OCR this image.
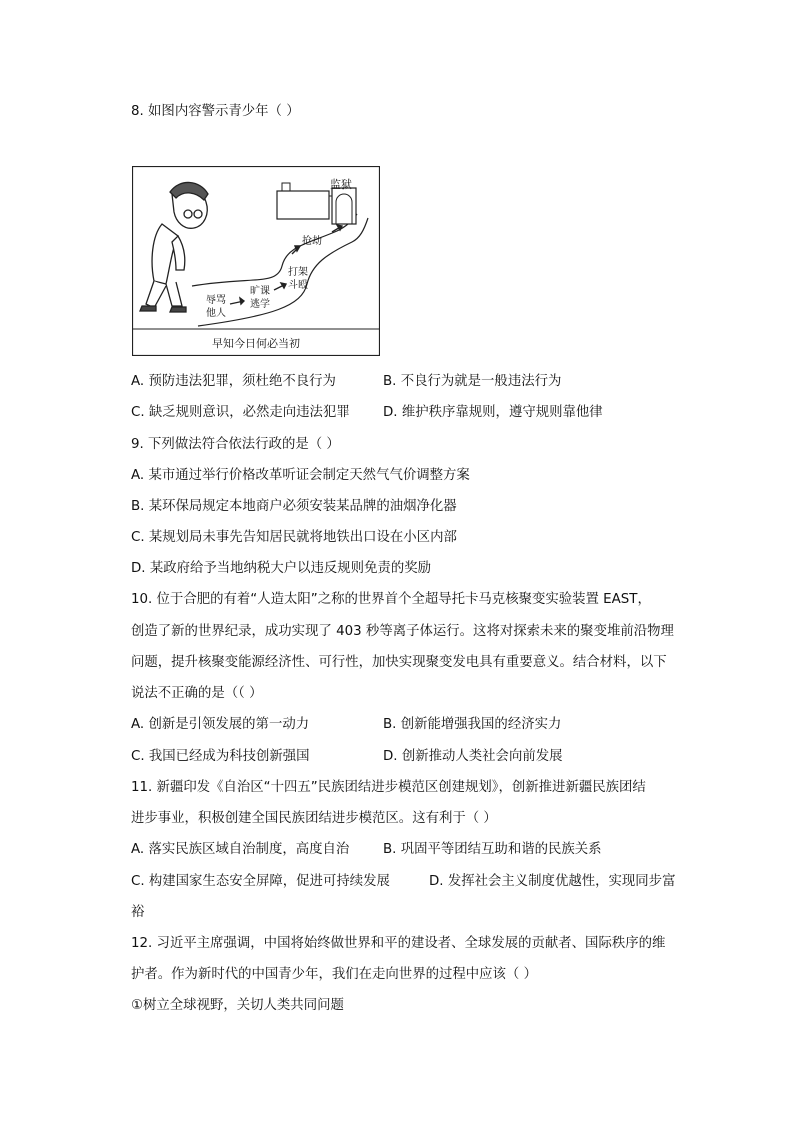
8. 如图内容警示青少年（ ）
监狱
辱骂
他人
旷课
逃学
打架
斗殴
抢劫
早知今日何必当初
A. 预防违法犯罪，须杜绝不良行为	B. 不良行为就是一般违法行为
C. 缺乏规则意识，必然走向违法犯罪 D. 维护秩序靠规则，遵守规则靠他律
9. 下列做法符合依法行政的是（ ）
A. 某市通过举行价格改革听证会制定天然气气价调整方案
B. 某环保局规定本地商户必须安装某品牌的油烟净化器
C. 某规划局未事先告知居民就将地铁出口设在小区内部
D. 某政府给予当地纳税大户以违反规则免责的奖励
10. 位于合肥的有着“人造太阳”之称的世界首个全超导托卡马克核聚变实验装置 EAST，
创造了新的世界纪录，成功实现了 403 秒等离子体运行。这将对探索未来的聚变堆前沿物理
问题，提升核聚变能源经济性、可行性，加快实现聚变发电具有重要意义。结合材料，以下
说法不正确的是（（ ）
A. 创新是引领发展的第一动力	B. 创新能增强我国的经济实力
C. 我国已经成为科技创新强国	D. 创新推动人类社会向前发展
11. 新疆印发《自治区“十四五”民族团结进步模范区创建规划》，创新推进新疆民族团结
进步事业，积极创建全国民族团结进步模范区。这有利于（ ）
A. 落实民族区域自治制度，高度自治	B. 巩固平等团结互助和谐的民族关系
C. 构建国家生态安全屏障，促进可持续发展	D. 发挥社会主义制度优越性，实现同步富
裕
12. 习近平主席强调，中国将始终做世界和平的建设者、全球发展的贡献者、国际秩序的维
护者。作为新时代的中国青少年，我们在走向世界的过程中应该（ ）
①树立全球视野，关切人类共同问题
